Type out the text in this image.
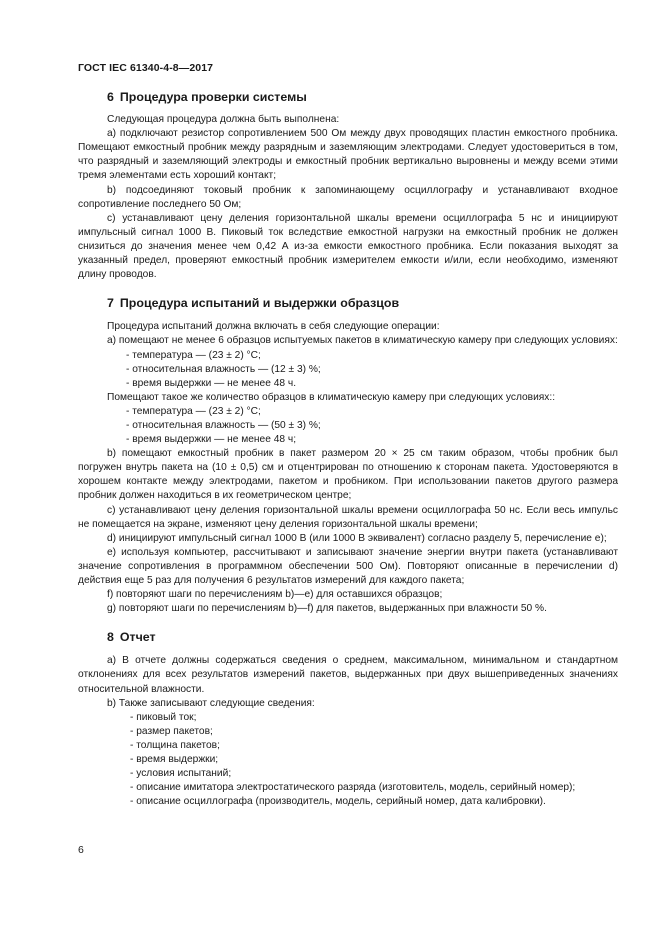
ГОСТ IEC 61340-4-8—2017
6 Процедура проверки системы

Следующая процедура должна быть выполнена:

а) подключают резистор сопротивлением 500 Ом между двух проводящих пластин емкостного пробника. Помещают емкостный пробник между разрядным и заземляющим электродами. Следует удостовериться в том, что разрядный и заземляющий электроды и емкостный пробник вертикально выровнены и между всеми этими тремя элементами есть хороший контакт;

b) подсоединяют токовый пробник к запоминающему осциллографу и устанавливают входное сопротивление последнего 50 Ом;

c) устанавливают цену деления горизонтальной шкалы времени осциллографа 5 нс и инициируют импульсный сигнал 1000 В. Пиковый ток вследствие емкостной нагрузки на емкостный пробник не должен снизиться до значения менее чем 0,42 А из-за емкости емкостного пробника. Если показания выходят за указанный предел, проверяют емкостный пробник измерителем емкости и/или, если необходимо, изменяют длину проводов.

7 Процедура испытаний и выдержки образцов

Процедура испытаний должна включать в себя следующие операции:

а) помещают не менее 6 образцов испытуемых пакетов в климатическую камеру при следующих условиях:

- температура — (23 ± 2) °С;
- относительная влажность — (12 ± 3) %;
- время выдержки — не менее 48 ч.

Помещают такое же количество образцов в климатическую камеру при следующих условиях::

- температура — (23 ± 2) °С;
- относительная влажность — (50 ± 3) %;
- время выдержки — не менее 48 ч;

b) помещают емкостный пробник в пакет размером 20 × 25 см таким образом, чтобы пробник был погружен внутрь пакета на (10 ± 0,5) см и отцентрирован по отношению к сторонам пакета. Удостоверяются в хорошем контакте между электродами, пакетом и пробником. При использовании пакетов другого размера пробник должен находиться в их геометрическом центре;

c) устанавливают цену деления горизонтальной шкалы времени осциллографа 50 нс. Если весь импульс не помещается на экране, изменяют цену деления горизонтальной шкалы времени;

d) инициируют импульсный сигнал 1000 В (или 1000 В эквивалент) согласно разделу 5, перечисление е);

е) используя компьютер, рассчитывают и записывают значение энергии внутри пакета (устанавливают значение сопротивления в программном обеспечении 500 Ом). Повторяют описанные в перечислении d) действия еще 5 раз для получения 6 результатов измерений для каждого пакета;

f) повторяют шаги по перечислениям b)—е) для оставшихся образцов;

g) повторяют шаги по перечислениям b)—f) для пакетов, выдержанных при влажности 50 %.

8 Отчет

а) В отчете должны содержаться сведения о среднем, максимальном, минимальном и стандартном отклонениях для всех результатов измерений пакетов, выдержанных при двух вышеприведенных значениях относительной влажности.

b) Также записывают следующие сведения:

- пиковый ток;
- размер пакетов;
- толщина пакетов;
- время выдержки;
- условия испытаний;
- описание имитатора электростатического разряда (изготовитель, модель, серийный номер);
- описание осциллографа (производитель, модель, серийный номер, дата калибровки).
6
